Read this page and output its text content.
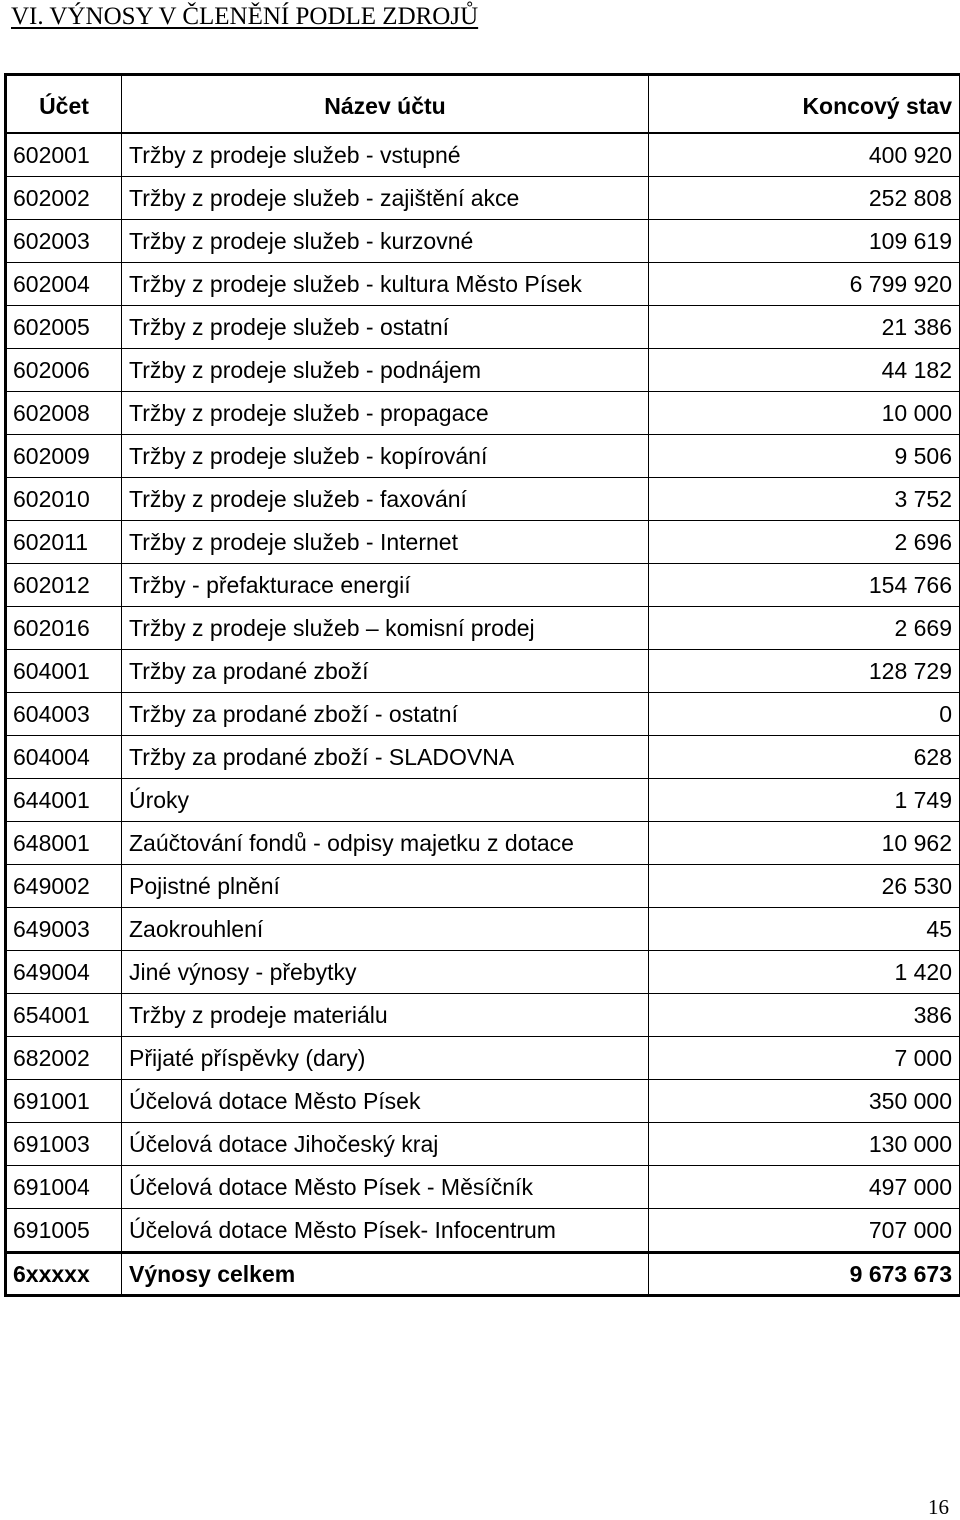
VI. VÝNOSY V ČLENĚNÍ PODLE ZDROJŮ
Účet	Název účtu	Koncový stav
602001	Tržby z prodeje služeb - vstupné	400 920
602002	Tržby z prodeje služeb - zajištění akce	252 808
602003	Tržby z prodeje služeb - kurzovné	109 619
602004	Tržby z prodeje služeb - kultura Město Písek	6 799 920
602005	Tržby z prodeje služeb - ostatní	21 386
602006	Tržby z prodeje služeb - podnájem	44 182
602008	Tržby z prodeje služeb - propagace	10 000
602009	Tržby z prodeje služeb - kopírování	9 506
602010	Tržby z prodeje služeb - faxování	3 752
602011	Tržby z prodeje služeb - Internet	2 696
602012	Tržby - přefakturace energií	154 766
602016	Tržby z prodeje služeb – komisní prodej	2 669
604001	Tržby za prodané zboží	128 729
604003	Tržby za prodané zboží - ostatní	0
604004	Tržby za prodané zboží - SLADOVNA	628
644001	Úroky	1 749
648001	Zaúčtování fondů - odpisy majetku z dotace	10 962
649002	Pojistné plnění	26 530
649003	Zaokrouhlení	45
649004	Jiné výnosy - přebytky	1 420
654001	Tržby z prodeje materiálu	386
682002	Přijaté příspěvky (dary)	7 000
691001	Účelová dotace Město Písek	350 000
691003	Účelová dotace Jihočeský kraj	130 000
691004	Účelová dotace Město Písek - Měsíčník	497 000
691005	Účelová dotace Město Písek- Infocentrum	707 000
6xxxxx	Výnosy celkem	9 673 673
16
